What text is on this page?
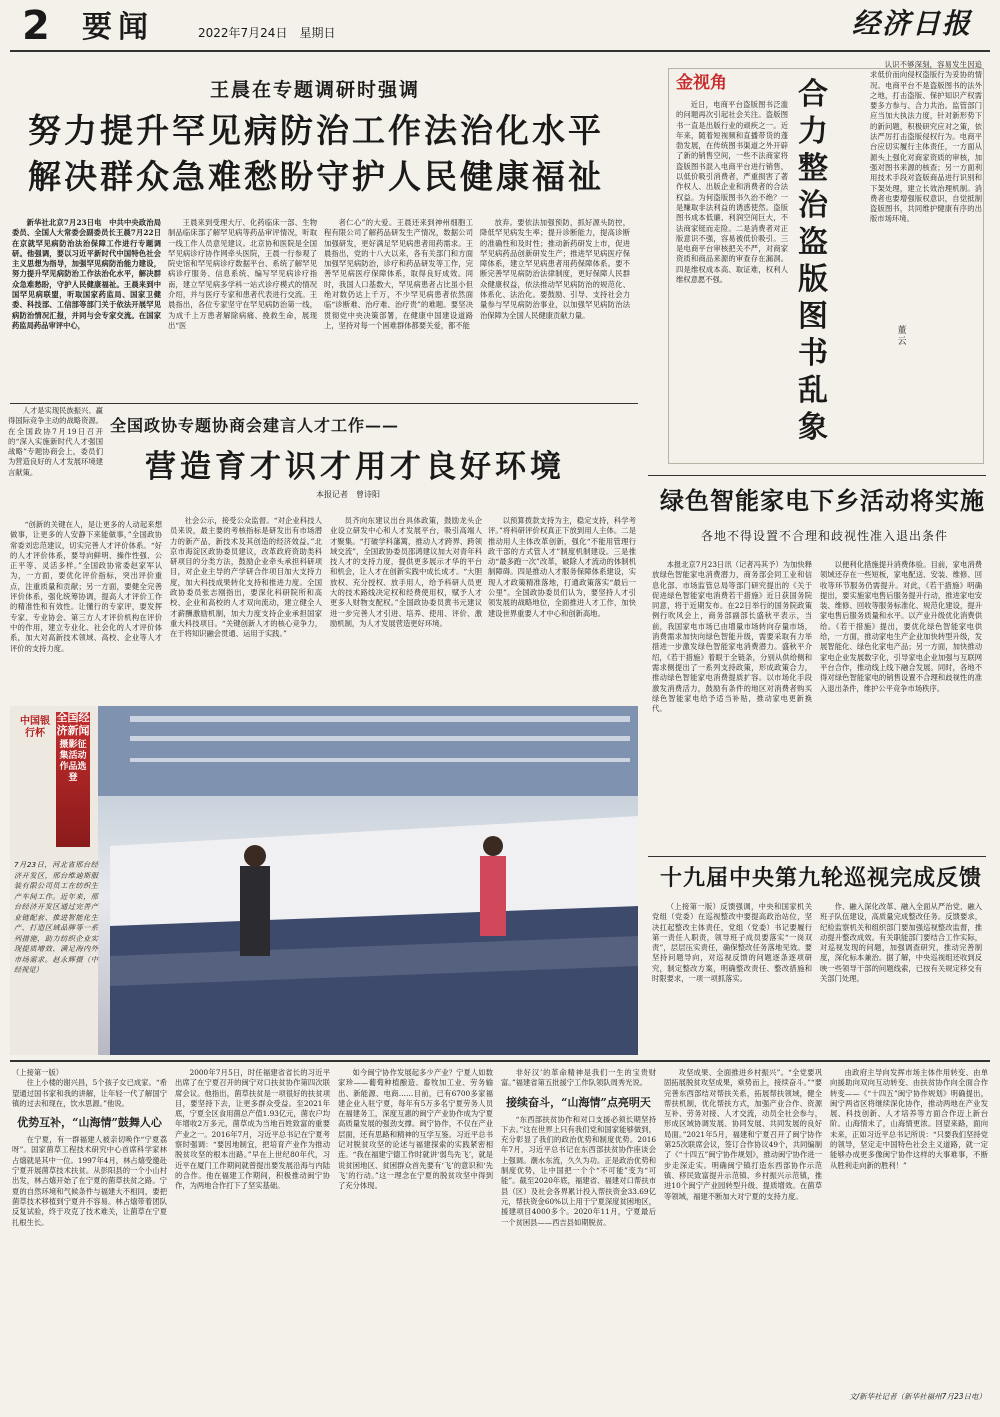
2 要闻	2022年7月24日　星期日	经济日报
王晨在专题调研时强调
努力提升罕见病防治工作法治化水平
解决群众急难愁盼守护人民健康福祉

新华社北京7月23日电　中共中央政治局委员、全国人大常委会副委员长王晨7月22日在京就罕见病防治法治保障工作进行专题调研。他强调，要以习近平新时代中国特色社会主义思想为指导，加强罕见病防治能力建设，努力提升罕见病防治工作法治化水平，解决群众急难愁盼，守护人民健康福祉。王晨来到中国罕见病联盟，听取国家药监局、国家卫健委、科技部、工信部等部门关于依法开展罕见病防治情况汇报，并同与会专家交流。在国家药监局药品审评中心，

王晨来到受理大厅、化药临床一部、生物制品临床部了解罕见病等药品审评情况，听取一线工作人员意见建议。北京协和医院是全国罕见病诊疗协作网牵头医院，王晨一行参观了院史馆和罕见病诊疗数据平台、系统了解罕见病诊疗服务、信息系统、编写罕见病诊疗指南，建立罕见病多学科一站式诊疗模式的情况介绍，并与医疗专家和患者代表进行交流。王晨指出，各位专家坚守在罕见病防治第一线，为成千上万患者解除病痛、挽救生命，展现出“医

者仁心”的大爱。王晨还来到神州细胞工程有限公司了解药品研发生产情况，数据公司加强研发，更好满足罕见病患者用药需求。王晨指出，党的十八大以来，各有关部门和方面加强罕见病防治，诊疗和药品研发等工作，完善罕见病医疗保障体系，取得良好成效。同时，我国人口基数大，罕见病患者占比虽小但绝对数仍达上千万，不少罕见病患者依然面临“诊断难、治疗难、治疗贵”的难题。要坚决贯彻党中央决策部署，在健康中国建设道路上，坚持对每一个困难群体都要关爱，都不能

放弃。要依法加强预防，抓好源头防控，降低罕见病发生率；提升诊断能力，提高诊断的准确性和及时性；推动新药研发上市，促进罕见病药品创新研发生产；推进罕见病医疗保障体系，建立罕见病患者用药保障体系。要不断完善罕见病防治法律制度，更好保障人民群众健康权益，依法推动罕见病防治的规范化、体系化、法治化。要鼓励、引导、支持社会力量参与罕见病防治事业，以加强罕见病防治法治保障为全国人民健康贡献力量。

人才是实现民族振兴、赢得国际竞争主动的战略资源。在全国政协7月19日召开的“深入实施新时代人才强国战略”专题协商会上，委员们为营造良好的人才发展环境建言献策。

全国政协专题协商会建言人才工作——
营造育才识才用才良好环境
本报记者　曾诗阳

“创新的关键在人，是让更多的人动起来想做事，让更多的人安静下来能做事，”全国政协常委刘忠范建议，切实完善人才评价体系。“好的人才评价体系，要导向鲜明、操作性强、公正平等、灵活多样。”全国政协常委赵家军认为，一方面，要优化评价指标，突出评价重点，注重质量和贡献；另一方面，要健全完善评价体系，强化统筹协调，提高人才评价工作的精准性和有效性。让懂行的专家评，要发挥专家、专业协会、第三方人才评价机构在评价中的作用，建立专业化、社会化的人才评价体系，加大对高新技术领域、高校、企业等人才评价的支持力度。

社会公示，接受公众监督。“对企业科技人员来说，最主要的考核指标是研发出有市场潜力的新产品，新技术及其创造的经济效益。”北京市海淀区政协委员建议，改革政府资助类科研项目的分类方法，鼓励企业牵头承担科研项目，对企业主导的产学研合作项目加大支持力度，加大科技成果转化支持和推进力度。全国政协委员张志刚指出，要深化科研院所和高校、企业和高校的人才双向流动，建立健全人才薪酬激励机制，加大力度支持企业承担国家重大科技项目。“关键创新人才的核心竞争力，在于将知识融会贯通、运用于实践。”

员齐向东建议出台具体政策，鼓励龙头企业设立研发中心和人才发展平台，吸引高端人才聚集。“打破学科藩篱，推动人才跨界、跨领域交流”，全国政协委员邵鸿建议加大对青年科技人才的支持力度，提供更多展示才华的平台和机会，让人才在创新实践中成长成才。“大胆放权、充分授权、放手用人，给予科研人员更大的技术路线决定权和经费使用权，赋予人才更多人财物支配权。”全国政协委员黄书元建议进一步完善人才引进、培养、使用、评价、激励机制，为人才发展营造更好环境。

以预算拨款支持为主，稳定支持，科学考评。”将科研评价权真正下放到用人主体。二是推动用人主体改革创新，强化“不能用管理行政干部的方式管人才”制度机制建设。三是推动“最多跑一次”改革，破除人才流动的体制机制障碍。四是推动人才服务保障体系建设，实现人才政策精准落地，打通政策落实“最后一公里”。全国政协委员们认为，要坚持人才引领发展的战略地位，全面推进人才工作，加快建设世界重要人才中心和创新高地。

中国银行杯
全国经济新闻
摄影征集活动作品选登
7月23日，河北省邢台经济开发区，邢台维迪斯服装有限公司员工在纺织生产车间工作。近年来，邢台经济开发区通过完善产业链配套、推进智能化生产、打造区域品牌等一系列措施，助力纺织企业实现提质增效、满足海内外市场需求。赵永辉摄（中经视觉）
金视角 合力整治盗版图书乱象
董云

近日，电商平台盗版图书泛滥的问题再次引起社会关注。盗版图书一直是出版行业的顽疾之一。近年来，随着短视频和直播带货的蓬勃发展，在传统图书渠道之外开辟了新的销售空间，一些不法商家将盗版图书混入电商平台进行销售，以低价吸引消费者，严重损害了著作权人、出版企业和消费者的合法权益。为何盗版图书久治不绝？一是赚取非法利益的诱惑使然。盗版图书成本低廉、利润空间巨大，不法商家铤而走险。二是消费者对正版意识不强，容易被低价吸引。三是电商平台审核把关不严，对商家资质和商品来源的审查存在漏洞。四是维权成本高、取证难，权利人维权意愿不强。

认识不够深刻，容易发生因追求低价而向侵权盗版行为妥协的情况。电商平台不是盗版图书的法外之地，打击盗版、保护知识产权需要多方参与、合力共治。监管部门应当加大执法力度，针对新形势下的新问题，积极研究应对之策，依法严厉打击盗版侵权行为。电商平台应切实履行主体责任，一方面从源头上强化对商家资质的审核，加强对图书来源的核查；另一方面利用技术手段对盗版商品进行识别和下架处理，建立长效治理机制。消费者也要增强版权意识，自觉抵制盗版图书，共同维护健康有序的出版市场环境。

绿色智能家电下乡活动将实施
各地不得设置不合理和歧视性准入退出条件

本报北京7月23日讯（记者冯其予）为加快释放绿色智能家电消费潜力，商务部会同工业和信息化部、市场监管总局等部门研究提出的《关于促进绿色智能家电消费若干措施》近日获国务院同意，将于近期发布。在22日举行的国务院政策例行吹风会上，商务部副部长盛秋平表示，当前，我国家电市场已由增量市场转向存量市场，消费需求加快向绿色智能升级，需要采取有力举措进一步激发绿色智能家电消费潜力。盛秋平介绍，《若干措施》着眼于全链条，分别从供给侧和需求侧提出了一系列支持政策，形成政策合力，推动绿色智能家电消费提质扩容。以市场化手段激发消费活力，鼓励有条件的地区对消费者购买绿色智能家电给予适当补贴，推动家电更新换代。

以便利化措施提升消费体验。目前，家电消费领域还存在一些短板，家电配送、安装、维修、回收等环节服务仍需提升。对此，《若干措施》明确提出，要实施家电售后服务提升行动，推进家电安装、维修、回收等服务标准化、规范化建设，提升家电售后服务质量和水平。以产业升级优化消费供给。《若干措施》提出，要优化绿色智能家电供给，一方面，推动家电生产企业加快转型升级，发展智能化、绿色化家电产品；另一方面，加快推动家电企业发展数字化，引导家电企业加强与互联网平台合作，推动线上线下融合发展。同时，各地不得对绿色智能家电的销售设置不合理和歧视性的准入退出条件，维护公平竞争市场秩序。

十九届中央第九轮巡视完成反馈

（上接第一版）反馈强调，中央和国家机关党组（党委）在巡视整改中要提高政治站位，坚决扛起整改主体责任，党组（党委）书记要履行第一责任人职责，领导班子成员要落实“一岗双责”，层层压实责任，确保整改任务落地见效。要坚持问题导向，对巡视反馈的问题逐条逐项研究，制定整改方案，明确整改责任、整改措施和时限要求，一项一项抓落实。

作、融入深化改革、融入全面从严治党、融入班子队伍建设，高质量完成整改任务。反馈要求，纪检监察机关和组织部门要加强巡视整改监督，推动提升整改成效。有关职能部门要结合工作实际，对巡视发现的问题，加强调查研究，推动完善制度，深化标本兼治。据了解，中央巡视组还收到反映一些领导干部的问题线索，已按有关规定移交有关部门处理。

（上接第一版）

住上小楼的谢兴昌，5个孩子女已成家。“希望通过国书家和我的讲解，让年轻一代了解国宁镇的过去和现在，饮水思源。”他说。

优势互补，“山海情”鼓舞人心

在宁夏，有一群福建人被亲切唤作“宁夏荔呀”。国家菌草工程技术研究中心首席科学家林占熺就是其中一位。1997年4月，林占熺受邀赴宁夏开展菌草技术扶贫。从彭阳县的一个小山村出发，林占熺开始了在宁夏的菌草扶贫之路。宁夏的自然环境和气候条件与福建大不相同，要把菌草技术移植到宁夏并不容易。林占熺带着团队反复试验，终于攻克了技术难关，让菌草在宁夏扎根生长。

2000年7月5日，时任福建省省长的习近平出席了在宁夏召开的闽宁对口扶贫协作第四次联席会议。他指出，菌草扶贫是一项很好的扶贫项目，要坚持下去，让更多群众受益。至2021年底，宁夏全区食用菌总产值1.93亿元，菌农户均年增收2万多元，菌草成为当地百姓致富的重要产业之一。2016年7月，习近平总书记在宁夏考察时强调：“要因地制宜，把培育产业作为推动脱贫攻坚的根本出路。”早在上世纪80年代，习近平在厦门工作期间就曾提出要发展沿海与内陆的合作。他在福建工作期间，积极推动闽宁协作，为两地合作打下了坚实基础。

如今闽宁协作发展起多少产业？宁夏人如数家珍——葡萄种植酿造、畜牧加工业、劳务输出、新能源、电商……目前，已有6700多家福建企业入驻宁夏，每年有5万多名宁夏劳务人员在福建务工，深度互惠的闽宁产业协作成为宁夏高质量发展的强劲支撑。闽宁协作，不仅在产业层面，还有思路和精神的互学互鉴。习近平总书记对脱贫攻坚的论述与福建探索的实践紧密相连。“我在福建宁德工作时就讲‘弱鸟先飞’，就是说贫困地区、贫困群众首先要有‘飞’的意识和‘先飞’的行动。”这一理念在宁夏的脱贫攻坚中得到了充分体现。

非好汉’的革命精神是我们一生的宝贵财富。”福建省第五批援宁工作队领队周秀光说。

接续奋斗，“山海情”点亮明天

“东西部扶贫协作和对口支援必须长期坚持下去。”这在世界上只有我们党和国家能够做到，充分彰显了我们的政治优势和制度优势。2016年7月，习近平总书记在东西部扶贫协作座谈会上强调。潮水东流，久久为功。正是政治优势和制度优势，让中国把一个个“不可能”变为“可能”。截至2020年底，福建省、福建对口帮扶市县（区）及社会各界累计投入帮扶资金33.69亿元，帮扶资金60%以上用于宁夏深度贫困地区，援建项目4000多个。2020年11月，宁夏最后一个贫困县——西吉县如期脱贫。

攻坚成果、全面推进乡村振兴”。“全党要巩固拓展脱贫攻坚成果，乘势而上，接续奋斗。”“要完善东西部结对帮扶关系，拓展帮扶领域，健全帮扶机制，优化帮扶方式，加强产业合作、资源互补、劳务对接、人才交流，动员全社会参与，形成区域协调发展、协同发展、共同发展的良好局面。”2021年5月，福建和宁夏召开了闽宁协作第25次联席会议，签订合作协议49个，共同编制了《“十四五”闽宁协作规划》，推动闽宁协作进一步走深走实。明确闽宁镇打造东西部协作示范镇、移民致富提升示范镇、乡村振兴示范镇，推进10个闽宁产业园转型升级、提质增效。在菌草等领域，福建不断加大对宁夏的支持力度。

由政府主导向发挥市场主体作用转变、由单向援助向双向互动转变、由扶贫协作向全面合作转变——《“十四五”闽宁协作规划》明确提出，闽宁两省区将继续深化协作，推动两地在产业发展、科技创新、人才培养等方面合作迈上新台阶。山海情未了，山海情更浓。回望来路，面向未来，正如习近平总书记所说：“只要我们坚持党的领导，坚定走中国特色社会主义道路，就一定能够办成更多像闽宁协作这样的大事难事，不断从胜利走向新的胜利！”

文/新华社记者（新华社福州7月23日电）
